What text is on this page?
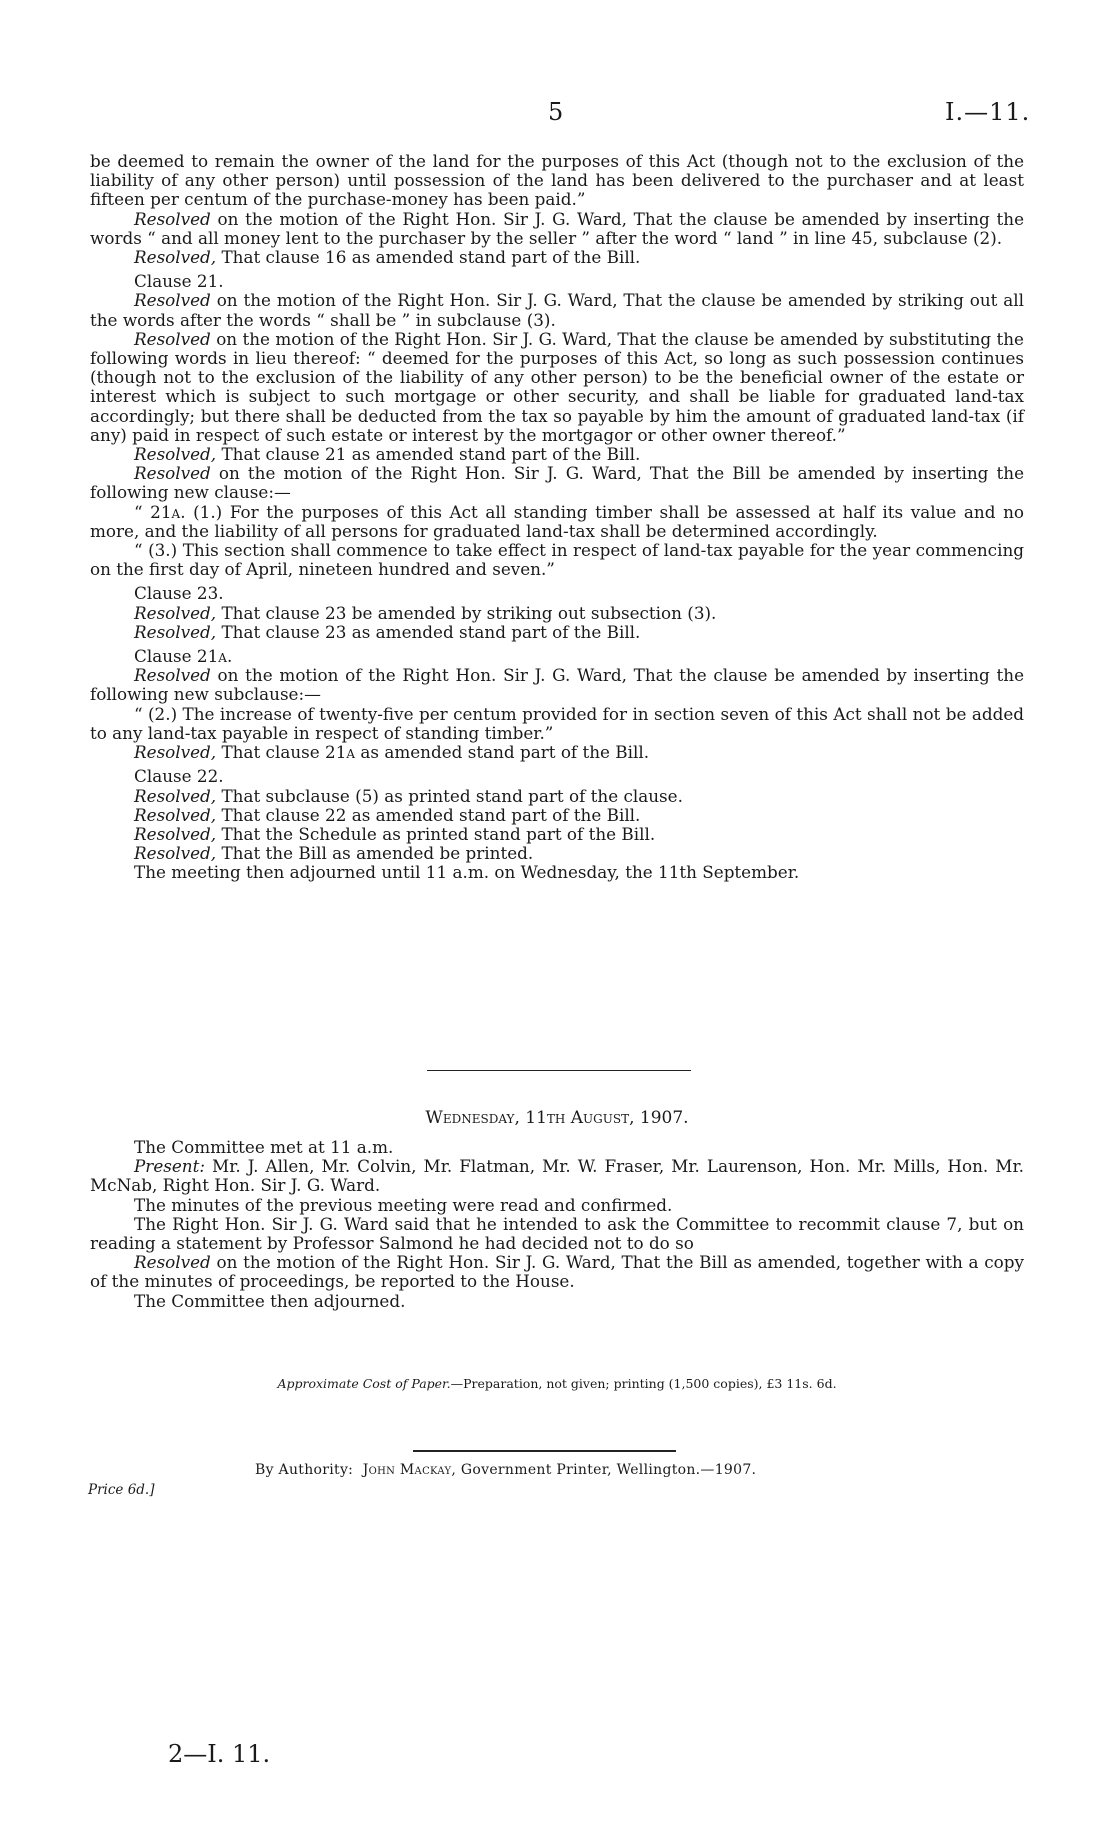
5	I.—11.

be deemed to remain the owner of the land for the purposes of this Act (though not to the exclusion of the liability of any other person) until possession of the land has been delivered to the purchaser and at least fifteen per centum of the purchase-money has been paid.”

Resolved on the motion of the Right Hon. Sir J. G. Ward, That the clause be amended by inserting the words “ and all money lent to the purchaser by the seller ” after the word “ land ” in line 45, subclause (2).

Resolved, That clause 16 as amended stand part of the Bill.

Clause 21.

Resolved on the motion of the Right Hon. Sir J. G. Ward, That the clause be amended by striking out all the words after the words “ shall be ” in subclause (3).

Resolved on the motion of the Right Hon. Sir J. G. Ward, That the clause be amended by substituting the following words in lieu thereof: “ deemed for the purposes of this Act, so long as such possession continues (though not to the exclusion of the liability of any other person) to be the beneficial owner of the estate or interest which is subject to such mortgage or other security, and shall be liable for graduated land-tax accordingly; but there shall be deducted from the tax so payable by him the amount of graduated land-tax (if any) paid in respect of such estate or interest by the mortgagor or other owner thereof.”

Resolved, That clause 21 as amended stand part of the Bill.

Resolved on the motion of the Right Hon. Sir J. G. Ward, That the Bill be amended by inserting the following new clause:—

“ 21a. (1.) For the purposes of this Act all standing timber shall be assessed at half its value and no more, and the liability of all persons for graduated land-tax shall be determined accordingly.

“ (3.) This section shall commence to take effect in respect of land-tax payable for the year commencing on the first day of April, nineteen hundred and seven.”

Clause 23.

Resolved, That clause 23 be amended by striking out subsection (3).

Resolved, That clause 23 as amended stand part of the Bill.

Clause 21a.

Resolved on the motion of the Right Hon. Sir J. G. Ward, That the clause be amended by inserting the following new subclause:—

“ (2.) The increase of twenty-five per centum provided for in section seven of this Act shall not be added to any land-tax payable in respect of standing timber.”

Resolved, That clause 21a as amended stand part of the Bill.

Clause 22.

Resolved, That subclause (5) as printed stand part of the clause.

Resolved, That clause 22 as amended stand part of the Bill.

Resolved, That the Schedule as printed stand part of the Bill.

Resolved, That the Bill as amended be printed.

The meeting then adjourned until 11 a.m. on Wednesday, the 11th September.

Wednesday, 11th August, 1907.

The Committee met at 11 a.m.

Present: Mr. J. Allen, Mr. Colvin, Mr. Flatman, Mr. W. Fraser, Mr. Laurenson, Hon. Mr. Mills, Hon. Mr. McNab, Right Hon. Sir J. G. Ward.

The minutes of the previous meeting were read and confirmed.

The Right Hon. Sir J. G. Ward said that he intended to ask the Committee to recommit clause 7, but on reading a statement by Professor Salmond he had decided not to do so

Resolved on the motion of the Right Hon. Sir J. G. Ward, That the Bill as amended, together with a copy of the minutes of proceedings, be reported to the House.

The Committee then adjourned.

Approximate Cost of Paper.—Preparation, not given; printing (1,500 copies), £3 11s. 6d.
By Authority: John Mackay, Government Printer, Wellington.—1907.
Price 6d.]
2—I. 11.
